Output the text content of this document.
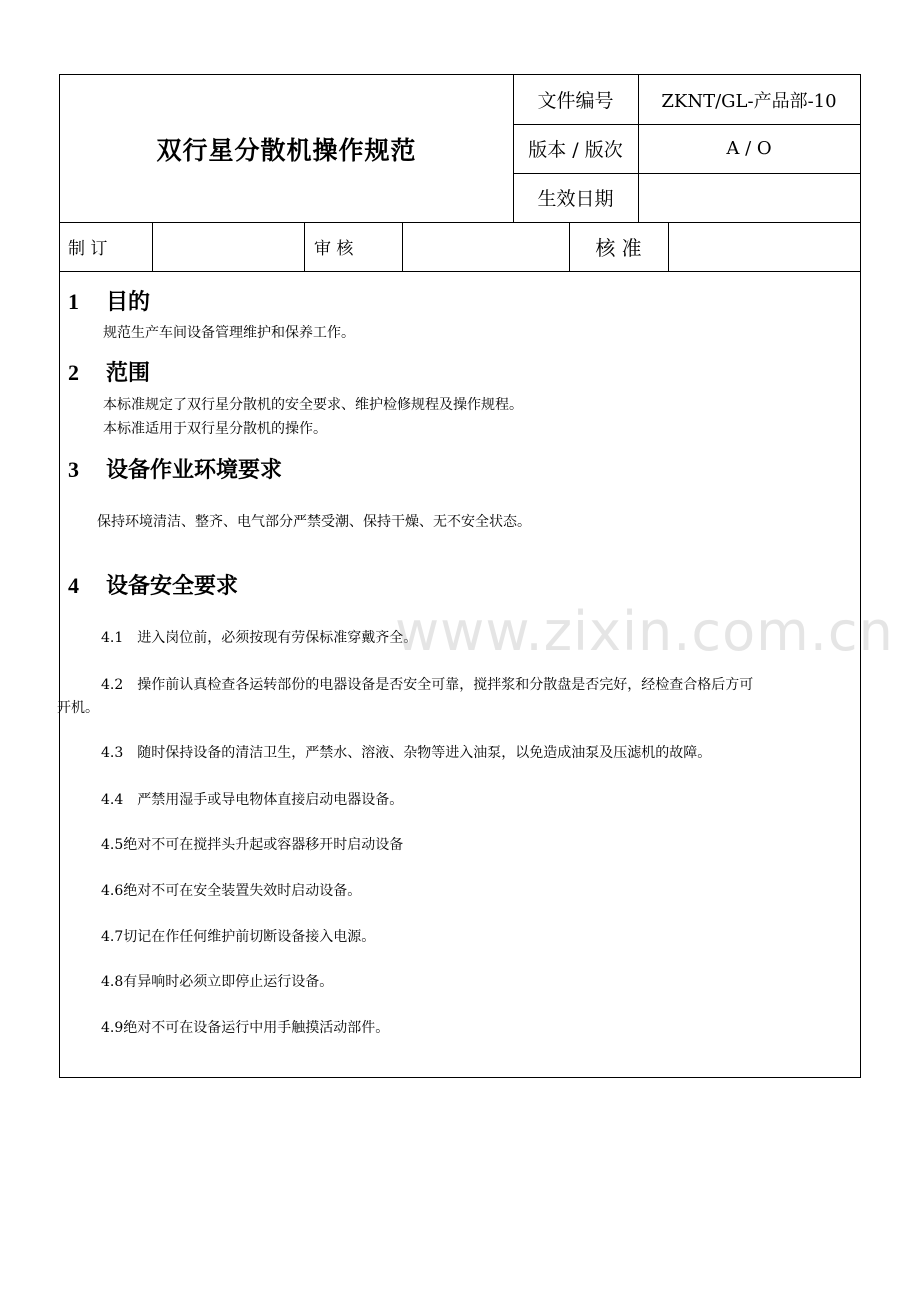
双行星分散机操作规范
文件编号	ZKNT/GL-产品部-10
版本 / 版次	A / O
生效日期
制 订	审 核	核 准
1 目的
规范生产车间设备管理维护和保养工作。
2 范围
本标准规定了双行星分散机的安全要求、维护检修规程及操作规程。
本标准适用于双行星分散机的操作。
3 设备作业环境要求
保持环境清洁、整齐、电气部分严禁受潮、保持干燥、无不安全状态。
4 设备安全要求
4.1　进入岗位前，必须按现有劳保标准穿戴齐全。
4.2　操作前认真检查各运转部份的电器设备是否安全可靠，搅拌浆和分散盘是否完好，经检查合格后方可
开机。
4.3　随时保持设备的清洁卫生，严禁水、溶液、杂物等进入油泵，以免造成油泵及压滤机的故障。
4.4　严禁用湿手或导电物体直接启动电器设备。
4.5绝对不可在搅拌头升起或容器移开时启动设备
4.6绝对不可在安全装置失效时启动设备。
4.7切记在作任何维护前切断设备接入电源。
4.8有异响时必须立即停止运行设备。
4.9绝对不可在设备运行中用手触摸活动部件。
www.zixin.com.cn
